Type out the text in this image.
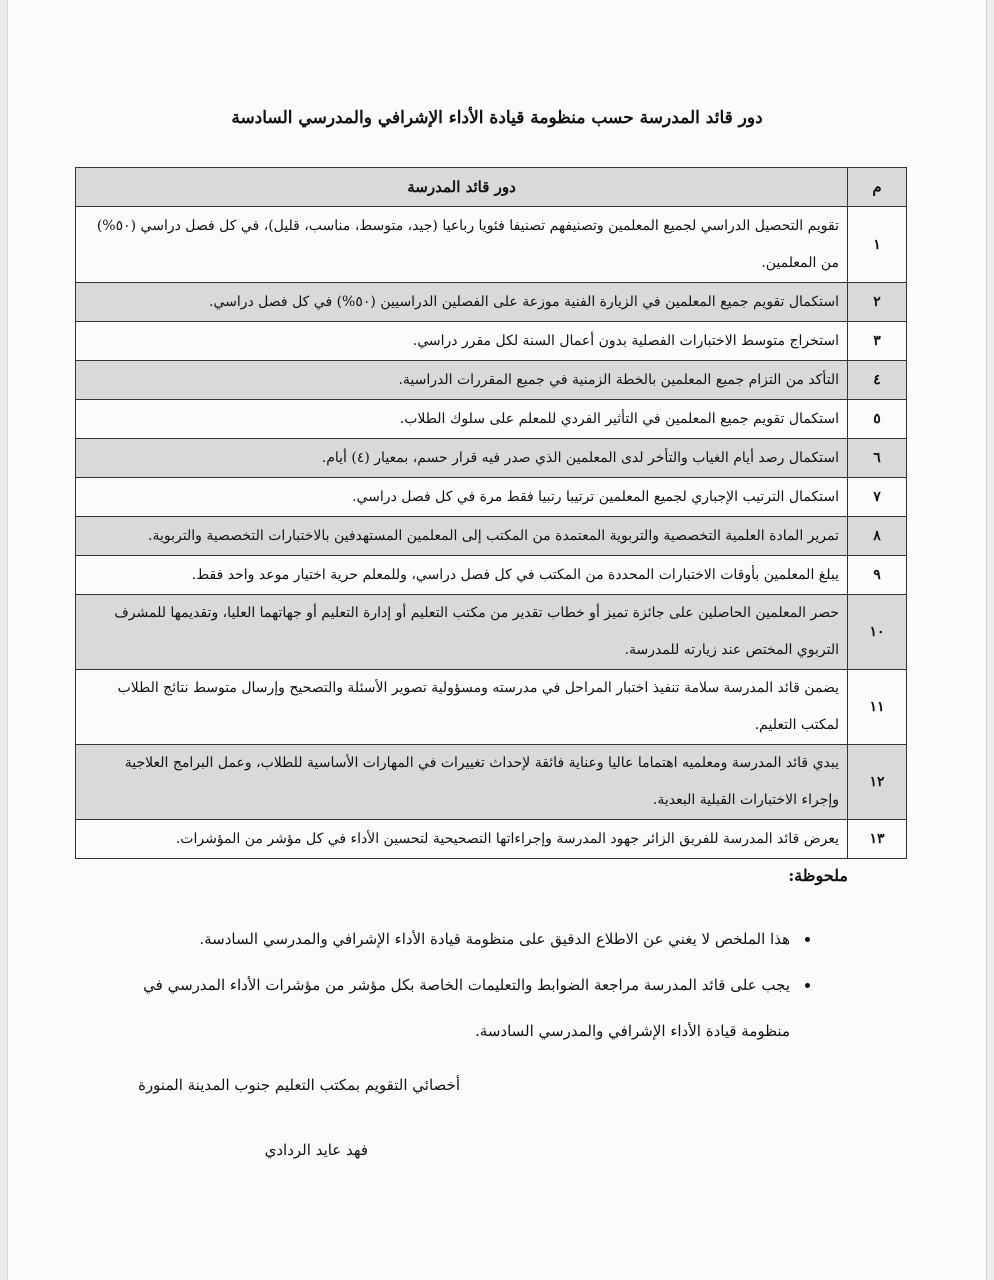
دور قائد المدرسة حسب منظومة قيادة الأداء الإشرافي والمدرسي السادسة
م	دور قائد المدرسة
١	تقويم التحصيل الدراسي لجميع المعلمين وتصنيفهم تصنيفا فئويا رباعيا (جيد، متوسط، مناسب، قليل)، في كل فصل دراسي (٥٠%) من المعلمين.
٢	استكمال تقويم جميع المعلمين في الزيارة الفنية موزعة على الفصلين الدراسيين (٥٠%) في كل فصل دراسي.
٣	استخراج متوسط الاختبارات الفصلية بدون أعمال السنة لكل مقرر دراسي.
٤	التأكد من التزام جميع المعلمين بالخطة الزمنية في جميع المقررات الدراسية.
٥	استكمال تقويم جميع المعلمين في التأثير الفردي للمعلم على سلوك الطلاب.
٦	استكمال رصد أيام الغياب والتأخر لدى المعلمين الذي صدر فيه قرار حسم، بمعيار (٤) أيام.
٧	استكمال الترتيب الإجباري لجميع المعلمين ترتيبا رتبيا فقط مرة في كل فصل دراسي.
٨	تمرير المادة العلمية التخصصية والتربوية المعتمدة من المكتب إلى المعلمين المستهدفين بالاختبارات التخصصية والتربوية.
٩	يبلغ المعلمين بأوقات الاختبارات المحددة من المكتب في كل فصل دراسي، وللمعلم حرية اختيار موعد واحد فقط.
١٠	حصر المعلمين الحاصلين على جائزة تميز أو خطاب تقدير من مكتب التعليم أو إدارة التعليم أو جهاتهما العليا، وتقديمها للمشرف التربوي المختص عند زيارته للمدرسة.
١١	يضمن قائد المدرسة سلامة تنفيذ اختبار المراحل في مدرسته ومسؤولية تصوير الأسئلة والتصحيح وإرسال متوسط نتائج الطلاب لمكتب التعليم.
١٢	يبدي قائد المدرسة ومعلميه اهتماما عاليا وعناية فائقة لإحداث تغييرات في المهارات الأساسية للطلاب، وعمل البرامج العلاجية وإجراء الاختبارات القبلية البعدية.
١٣	يعرض قائد المدرسة للفريق الزائر جهود المدرسة وإجراءاتها التصحيحية لتحسين الأداء في كل مؤشر من المؤشرات.
ملحوظة:
• هذا الملخص لا يغني عن الاطلاع الدقيق على منظومة قيادة الأداء الإشرافي والمدرسي السادسة.
• يجب على قائد المدرسة مراجعة الضوابط والتعليمات الخاصة بكل مؤشر من مؤشرات الأداء المدرسي في منظومة قيادة الأداء الإشرافي والمدرسي السادسة.
أخصائي التقويم بمكتب التعليم جنوب المدينة المنورة
فهد عايد الردادي
